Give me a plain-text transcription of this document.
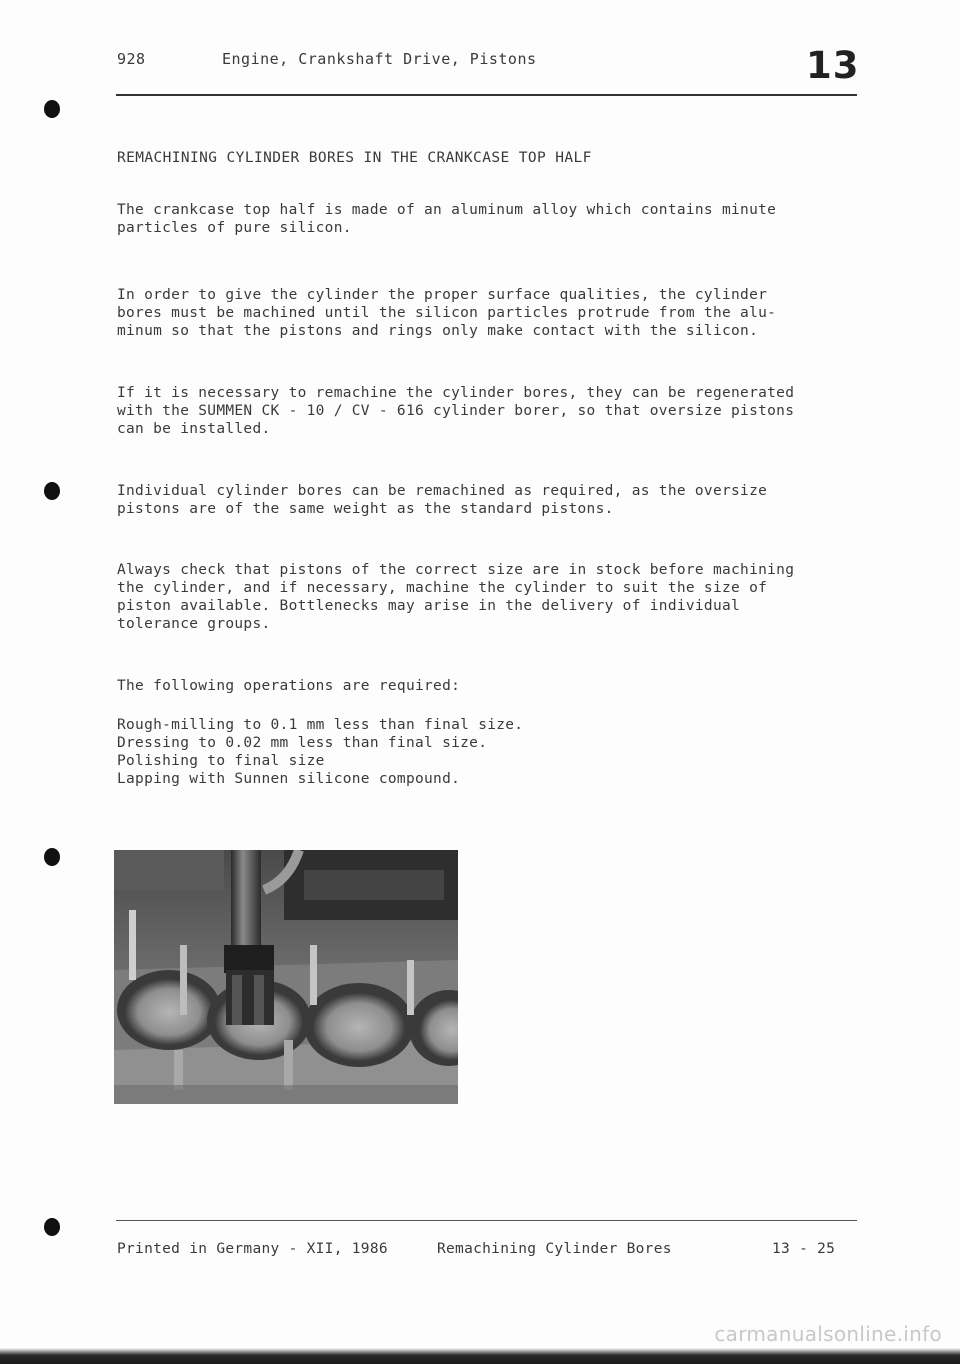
928	Engine, Crankshaft Drive, Pistons	13
REMACHINING CYLINDER BORES IN THE CRANKCASE TOP HALF

The crankcase top half is made of an aluminum alloy which contains minute
particles of pure silicon.

In order to give the cylinder the proper surface qualities, the cylinder
bores must be machined until the silicon particles protrude from the alu-
minum so that the pistons and rings only make contact with the silicon.

If it is necessary to remachine the cylinder bores, they can be regenerated
with the SUMMEN CK - 10 / CV - 616 cylinder borer, so that oversize pistons
can be installed.

Individual cylinder bores can be remachined as required, as the oversize
pistons are of the same weight as the standard pistons.

Always check that pistons of the correct size are in stock before machining
the cylinder, and if necessary, machine the cylinder to suit the size of
piston available. Bottlenecks may arise in the delivery of individual
tolerance groups.

The following operations are required:

Rough-milling to 0.1 mm less than final size.
Dressing to 0.02 mm less than final size.
Polishing to final size
Lapping with Sunnen silicone compound.

Printed in Germany - XII, 1986	Remachining Cylinder Bores	13 - 25
carmanualsonline.info
